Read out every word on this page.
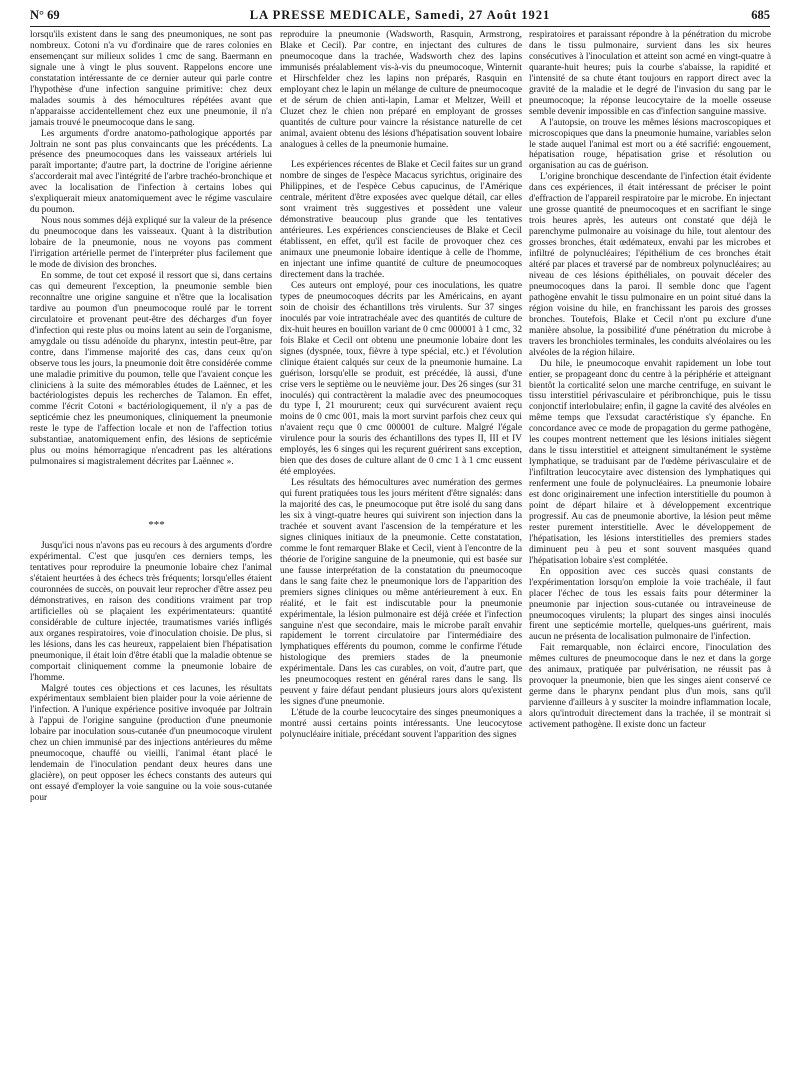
N° 69	LA PRESSE MEDICALE, Samedi, 27 Août 1921	685

lorsqu'ils existent dans le sang des pneumoniques, ne sont pas nombreux. Cotoni n'a vu d'ordinaire que de rares colonies en ensemençant sur milieux solides 1 cmc de sang. Baermann en signale une à vingt le plus souvent. Rappelons encore une constatation intéressante de ce dernier auteur qui parle contre l'hypothèse d'une infection sanguine primitive: chez deux malades soumis à des hémocultures répétées avant que n'apparaisse accidentellement chez eux une pneumonie, il n'a jamais trouvé le pneumocoque dans le sang.

Les arguments d'ordre anatomo-pathologique apportés par Joltrain ne sont pas plus convaincants que les précédents. La présence des pneumocoques dans les vaisseaux artériels lui paraît importante; d'autre part, la doctrine de l'origine aérienne s'accorderait mal avec l'intégrité de l'arbre trachéo-bronchique et avec la localisation de l'infection à certains lobes qui s'expliquerait mieux anatomiquement avec le régime vasculaire du poumon.

Nous nous sommes déjà expliqué sur la valeur de la présence du pneumocoque dans les vaisseaux. Quant à la distribution lobaire de la pneumonie, nous ne voyons pas comment l'irrigation artérielle permet de l'interpréter plus facilement que le mode de division des bronches.

En somme, de tout cet exposé il ressort que si, dans certains cas qui demeurent l'exception, la pneumonie semble bien reconnaître une origine sanguine et n'être que la localisation tardive au poumon d'un pneumocoque roulé par le torrent circulatoire et provenant peut-être des décharges d'un foyer d'infection qui reste plus ou moins latent au sein de l'organisme, amygdale ou tissu adénoïde du pharynx, intestin peut-être, par contre, dans l'immense majorité des cas, dans ceux qu'on observe tous les jours, la pneumonie doit être considérée comme une maladie primitive du poumon, telle que l'avaient conçue les cliniciens à la suite des mémorables études de Laënnec, et les bactériologistes depuis les recherches de Talamon. En effet, comme l'écrit Cotoni « bactériologiquement, il n'y a pas de septicémie chez les pneumoniques, cliniquement la pneumonie reste le type de l'affection locale et non de l'affection totius substantiae, anatomiquement enfin, des lésions de septicémie plus ou moins hémorragique n'encadrent pas les altérations pulmonaires si magistralement décrites par Laënnec ».

***

Jusqu'ici nous n'avons pas eu recours à des arguments d'ordre expérimental. C'est que jusqu'en ces derniers temps, les tentatives pour reproduire la pneumonie lobaire chez l'animal s'étaient heurtées à des échecs très fréquents; lorsqu'elles étaient couronnées de succès, on pouvait leur reprocher d'être assez peu démonstratives, en raison des conditions vraiment par trop artificielles où se plaçaient les expérimentateurs: quantité considérable de culture injectée, traumatismes variés infligés aux organes respiratoires, voie d'inoculation choisie. De plus, si les lésions, dans les cas heureux, rappelaient bien l'hépatisation pneumonique, il était loin d'être établi que la maladie obtenue se comportait cliniquement comme la pneumonie lobaire de l'homme.

Malgré toutes ces objections et ces lacunes, les résultats expérimentaux semblaient bien plaider pour la voie aérienne de l'infection. A l'unique expérience positive invoquée par Joltrain à l'appui de l'origine sanguine (production d'une pneumonie lobaire par inoculation sous-cutanée d'un pneumocoque virulent chez un chien immunisé par des injections antérieures du même pneumocoque, chauffé ou vieilli, l'animal étant placé le lendemain de l'inoculation pendant deux heures dans une glacière), on peut opposer les échecs constants des auteurs qui ont essayé d'employer la voie sanguine ou la voie sous-cutanée pour

reproduire la pneumonie (Wadsworth, Rasquin, Armstrong, Blake et Cecil). Par contre, en injectant des cultures de pneumocoque dans la trachée, Wadsworth chez des lapins immunisés préalablement vis-à-vis du pneumocoque, Winternit et Hirschfelder chez les lapins non préparés, Rasquin en employant chez le lapin un mélange de culture de pneumocoque et de sérum de chien anti-lapin, Lamar et Meltzer, Weill et Cluzet chez le chien non préparé en employant de grosses quantités de culture pour vaincre la résistance naturelle de cet animal, avaient obtenu des lésions d'hépatisation souvent lobaire analogues à celles de la pneumonie humaine.

Les expériences récentes de Blake et Cecil faites sur un grand nombre de singes de l'espèce Macacus syrichtus, originaire des Philippines, et de l'espèce Cebus capucinus, de l'Amérique centrale, méritent d'être exposées avec quelque détail, car elles sont vraiment très suggestives et possèdent une valeur démonstrative beaucoup plus grande que les tentatives antérieures. Les expériences consciencieuses de Blake et Cecil établissent, en effet, qu'il est facile de provoquer chez ces animaux une pneumonie lobaire identique à celle de l'homme, en injectant une infime quantité de culture de pneumocoques directement dans la trachée.

Ces auteurs ont employé, pour ces inoculations, les quatre types de pneumocoques décrits par les Américains, en ayant soin de choisir des échantillons très virulents. Sur 37 singes inoculés par voie intratrachéale avec des quantités de culture de dix-huit heures en bouillon variant de 0 cmc 000001 à 1 cmc, 32 fois Blake et Cecil ont obtenu une pneumonie lobaire dont les signes (dyspnée, toux, fièvre à type spécial, etc.) et l'évolution clinique étaient calqués sur ceux de la pneumonie humaine. La guérison, lorsqu'elle se produit, est précédée, là aussi, d'une crise vers le septième ou le neuvième jour. Des 26 singes (sur 31 inoculés) qui contractèrent la maladie avec des pneumocoques du type I, 21 moururent; ceux qui survécurent avaient reçu moins de 0 cmc 001, mais la mort survint parfois chez ceux qui n'avaient reçu que 0 cmc 000001 de culture. Malgré l'égale virulence pour la souris des échantillons des types II, III et IV employés, les 6 singes qui les reçurent guérirent sans exception, bien que des doses de culture allant de 0 cmc 1 à 1 cmc eussent été employées.

Les résultats des hémocultures avec numération des germes qui furent pratiquées tous les jours méritent d'être signalés: dans la majorité des cas, le pneumocoque put être isolé du sang dans les six à vingt-quatre heures qui suivirent son injection dans la trachée et souvent avant l'ascension de la température et les signes cliniques initiaux de la pneumonie. Cette constatation, comme le font remarquer Blake et Cecil, vient à l'encontre de la théorie de l'origine sanguine de la pneumonie, qui est basée sur une fausse interprétation de la constatation du pneumocoque dans le sang faite chez le pneumonique lors de l'apparition des premiers signes cliniques ou même antérieurement à eux. En réalité, et le fait est indiscutable pour la pneumonie expérimentale, la lésion pulmonaire est déjà créée et l'infection sanguine n'est que secondaire, mais le microbe paraît envahir rapidement le torrent circulatoire par l'intermédiaire des lymphatiques efférents du poumon, comme le confirme l'étude histologique des premiers stades de la pneumonie expérimentale. Dans les cas curables, on voit, d'autre part, que les pneumocoques restent en général rares dans le sang. Ils peuvent y faire défaut pendant plusieurs jours alors qu'existent les signes d'une pneumonie.

L'étude de la courbe leucocytaire des singes pneumoniques a montré aussi certains points intéressants. Une leucocytose polynucléaire initiale, précédant souvent l'apparition des signes

respiratoires et paraissant répondre à la pénétration du microbe dans le tissu pulmonaire, survient dans les six heures consécutives à l'inoculation et atteint son acmé en vingt-quatre à quarante-huit heures; puis la courbe s'abaisse, la rapidité et l'intensité de sa chute étant toujours en rapport direct avec la gravité de la maladie et le degré de l'invasion du sang par le pneumocoque; la réponse leucocytaire de la moelle osseuse semble devenir impossible en cas d'infection sanguine massive.

A l'autopsie, on trouve les mêmes lésions macroscopiques et microscopiques que dans la pneumonie humaine, variables selon le stade auquel l'animal est mort ou a été sacrifié: engouement, hépatisation rouge, hépatisation grise et résolution ou organisation au cas de guérison.

L'origine bronchique descendante de l'infection était évidente dans ces expériences, il était intéressant de préciser le point d'effraction de l'appareil respiratoire par le microbe. En injectant une grosse quantité de pneumocoques et en sacrifiant le singe trois heures après, les auteurs ont constaté que déjà le parenchyme pulmonaire au voisinage du hile, tout alentour des grosses bronches, était œdémateux, envahi par les microbes et infiltré de polynucléaires; l'épithélium de ces bronches était altéré par places et traversé par de nombreux polynucléaires; au niveau de ces lésions épithéliales, on pouvait déceler des pneumocoques dans la paroi. Il semble donc que l'agent pathogène envahit le tissu pulmonaire en un point situé dans la région voisine du hile, en franchissant les parois des grosses bronches. Toutefois, Blake et Cecil n'ont pu exclure d'une manière absolue, la possibilité d'une pénétration du microbe à travers les bronchioles terminales, les conduits alvéolaires ou les alvéoles de la région hilaire.

Du hile, le pneumocoque envahit rapidement un lobe tout entier, se propageant donc du centre à la périphérie et atteignant bientôt la corticalité selon une marche centrifuge, en suivant le tissu interstitiel périvasculaire et péribronchique, puis le tissu conjonctif interlobulaire; enfin, il gagne la cavité des alvéoles en même temps que l'exsudat caractéristique s'y épanche. En concordance avec ce mode de propagation du germe pathogène, les coupes montrent nettement que les lésions initiales siègent dans le tissu interstitiel et atteignent simultanément le système lymphatique, se traduisant par de l'œdème périvasculaire et de l'infiltration leucocytaire avec distension des lymphatiques qui renferment une foule de polynucléaires. La pneumonie lobaire est donc originairement une infection interstitielle du poumon à point de départ hilaire et à développement excentrique progressif. Au cas de pneumonie abortive, la lésion peut même rester purement interstitielle. Avec le développement de l'hépatisation, les lésions interstitielles des premiers stades diminuent peu à peu et sont souvent masquées quand l'hépatisation lobaire s'est complétée.

En opposition avec ces succès quasi constants de l'expérimentation lorsqu'on emploie la voie trachéale, il faut placer l'échec de tous les essais faits pour déterminer la pneumonie par injection sous-cutanée ou intraveineuse de pneumocoques virulents; la plupart des singes ainsi inoculés firent une septicémie mortelle, quelques-uns guérirent, mais aucun ne présenta de localisation pulmonaire de l'infection.

Fait remarquable, non éclairci encore, l'inoculation des mêmes cultures de pneumocoque dans le nez et dans la gorge des animaux, pratiquée par pulvérisation, ne réussit pas à provoquer la pneumonie, bien que les singes aient conservé ce germe dans le pharynx pendant plus d'un mois, sans qu'il parvienne d'ailleurs à y susciter la moindre inflammation locale, alors qu'introduit directement dans la trachée, il se montrait si activement pathogène. Il existe donc un facteur
